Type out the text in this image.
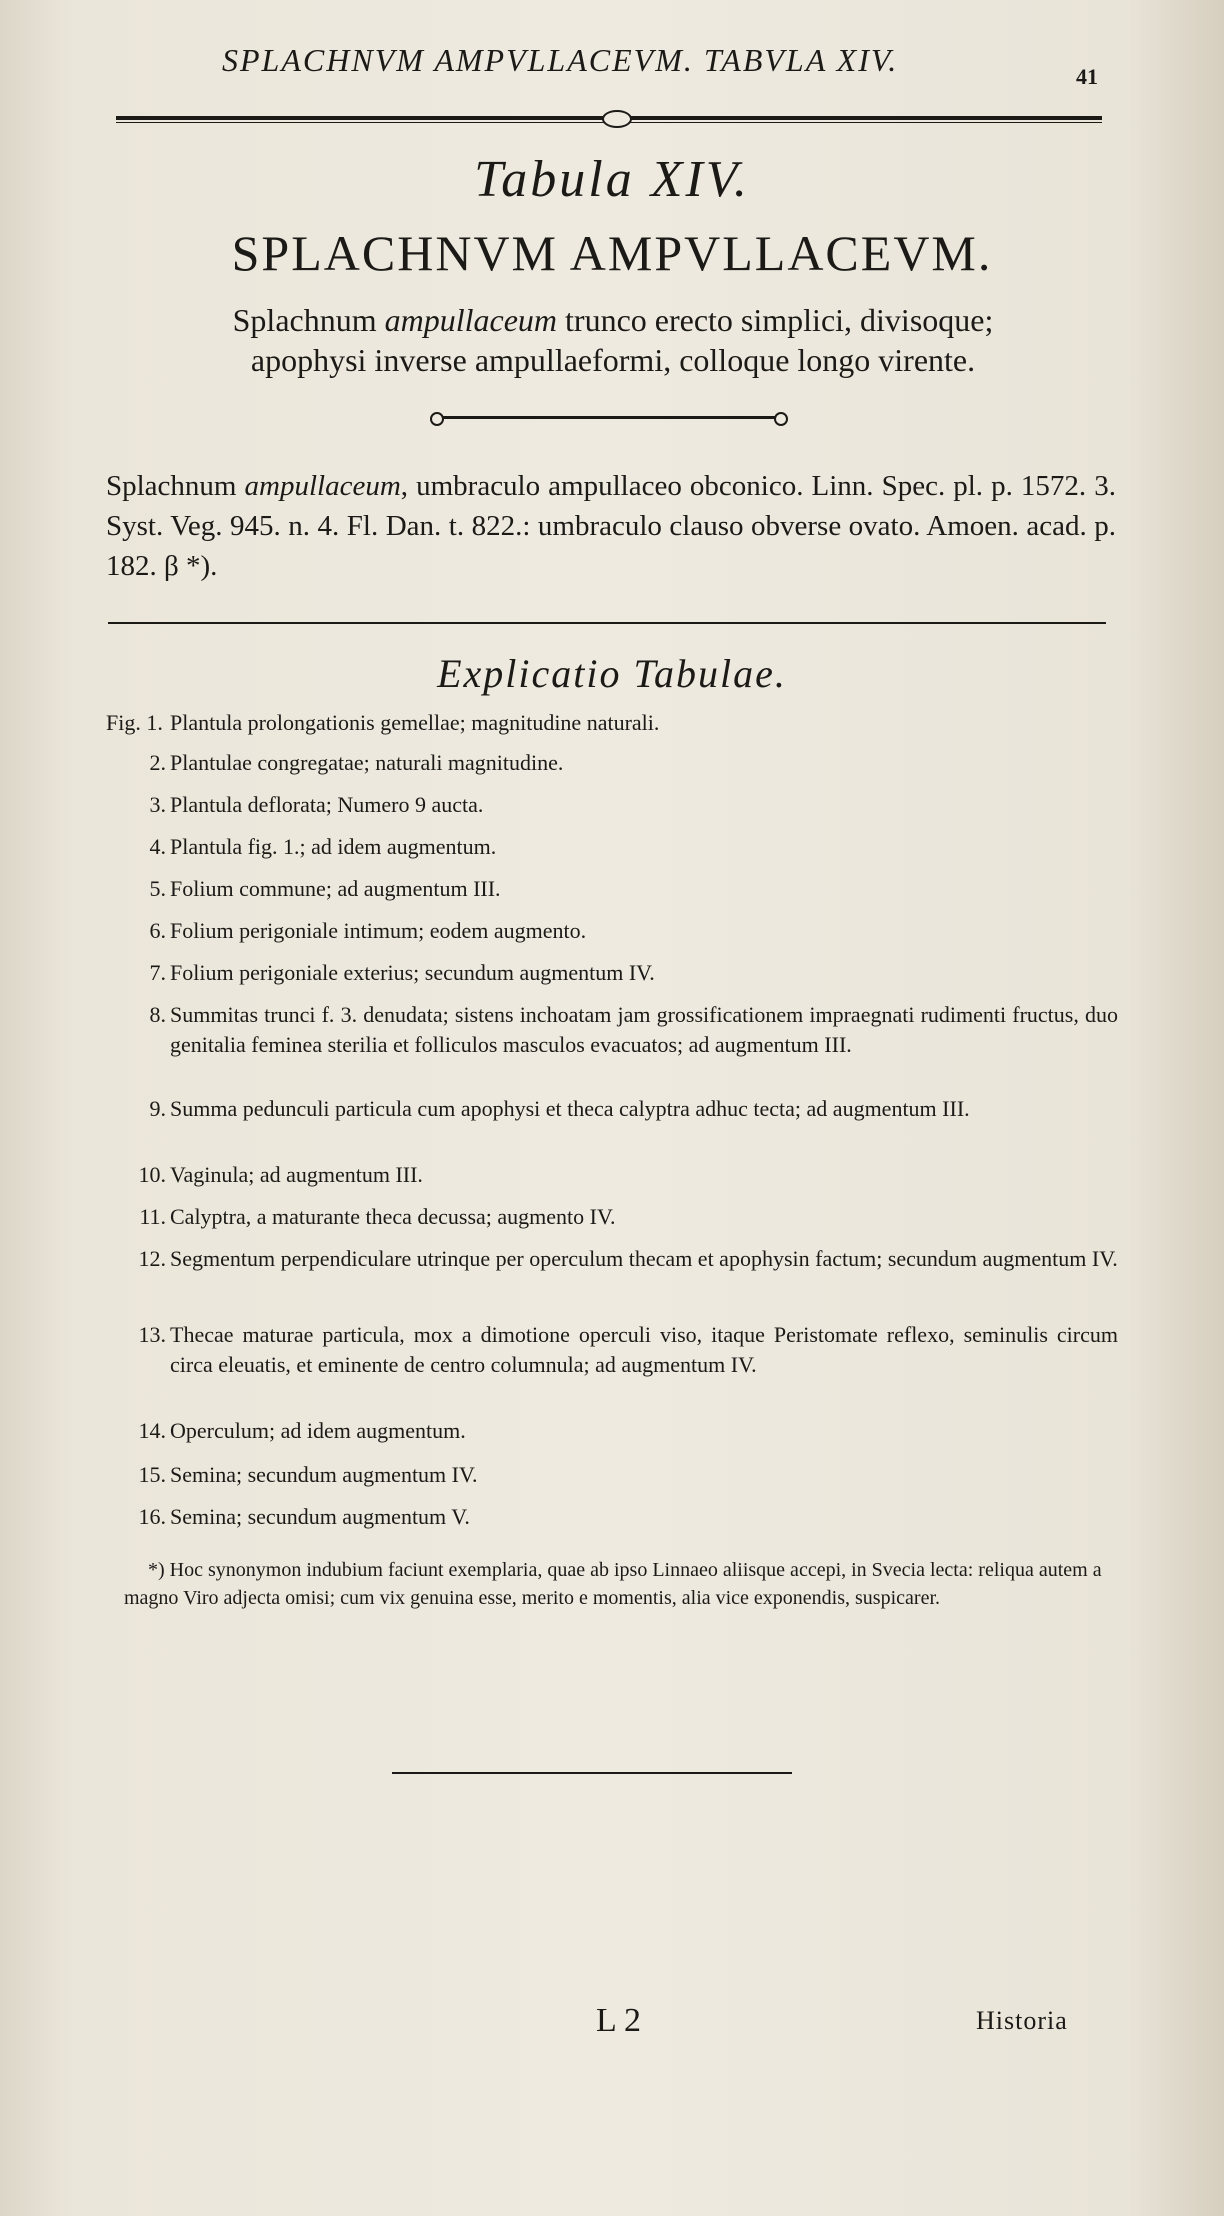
SPLACHNVM AMPVLLACEVM. TABVLA XIV.	41
Tabula XIV.
SPLACHNVM AMPVLLACEVM.
Splachnum ampullaceum trunco erecto simplici, divisoque;
apophysi inverse ampullaeformi, colloque longo virente.
Splachnum ampullaceum, umbraculo ampullaceo obconico. Linn. Spec. pl. p. 1572. 3. Syst. Veg. 945. n. 4. Fl. Dan. t. 822.: umbraculo clauso obverse ovato. Amoen. acad. p. 182. β *).
Explicatio Tabulae.
Fig. 1. Plantula prolongationis gemellae; magnitudine naturali.
2. Plantulae congregatae; naturali magnitudine.
3. Plantula deflorata; Numero 9 aucta.
4. Plantula fig. 1.; ad idem augmentum.
5. Folium commune; ad augmentum III.
6. Folium perigoniale intimum; eodem augmento.
7. Folium perigoniale exterius; secundum augmentum IV.
8. Summitas trunci f. 3. denudata; sistens inchoatam jam grossificationem impraegnati rudimenti fructus, duo genitalia feminea sterilia et folliculos masculos evacuatos; ad augmentum III.
9. Summa pedunculi particula cum apophysi et theca calyptra adhuc tecta; ad augmentum III.
10. Vaginula; ad augmentum III.
11. Calyptra, a maturante theca decussa; augmento IV.
12. Segmentum perpendiculare utrinque per operculum thecam et apophysin factum; secundum augmentum IV.
13. Thecae maturae particula, mox a dimotione operculi viso, itaque Peristomate reflexo, seminulis circum circa eleuatis, et eminente de centro columnula; ad augmentum IV.
14. Operculum; ad idem augmentum.
15. Semina; secundum augmentum IV.
16. Semina; secundum augmentum V.
*) Hoc synonymon indubium faciunt exemplaria, quae ab ipso Linnaeo aliisque accepi, in Svecia lecta: reliqua autem a magno Viro adjecta omisi; cum vix genuina esse, merito e momentis, alia vice exponendis, suspicarer.
L 2	Historia
